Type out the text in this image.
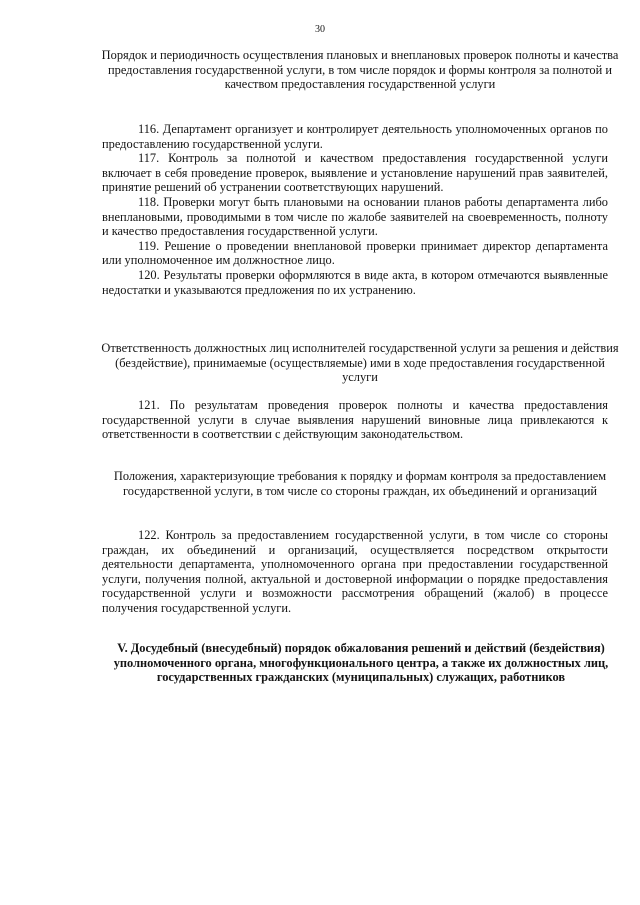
30

Порядок и периодичность осуществления плановых и внеплановых проверок полноты и качества предоставления государственной услуги, в том числе порядок и формы контроля за полнотой и качеством предоставления государственной услуги

116. Департамент организует и контролирует деятельность уполномоченных органов по предоставлению государственной услуги.

117. Контроль за полнотой и качеством предоставления государственной услуги включает в себя проведение проверок, выявление и установление нарушений прав заявителей, принятие решений об устранении соответствующих нарушений.

118. Проверки могут быть плановыми на основании планов работы департамента либо внеплановыми, проводимыми в том числе по жалобе заявителей на своевременность, полноту и качество предоставления государственной услуги.

119. Решение о проведении внеплановой проверки принимает директор департамента или уполномоченное им должностное лицо.

120. Результаты проверки оформляются в виде акта, в котором отмечаются выявленные недостатки и указываются предложения по их устранению.

Ответственность должностных лиц исполнителей государственной услуги за решения и действия (бездействие), принимаемые (осуществляемые) ими в ходе предоставления государственной услуги

121. По результатам проведения проверок полноты и качества предоставления государственной услуги в случае выявления нарушений виновные лица привлекаются к ответственности в соответствии с действующим законодательством.

Положения, характеризующие требования к порядку и формам контроля за предоставлением государственной услуги, в том числе со стороны граждан, их объединений и организаций

122. Контроль за предоставлением государственной услуги, в том числе со стороны граждан, их объединений и организаций, осуществляется посредством открытости деятельности департамента, уполномоченного органа при предоставлении государственной услуги, получения полной, актуальной и достоверной информации о порядке предоставления государственной услуги и возможности рассмотрения обращений (жалоб) в процессе получения государственной услуги.

V. Досудебный (внесудебный) порядок обжалования решений и действий (бездействия) уполномоченного органа, многофункционального центра, а также их должностных лиц, государственных гражданских (муниципальных) служащих, работников
